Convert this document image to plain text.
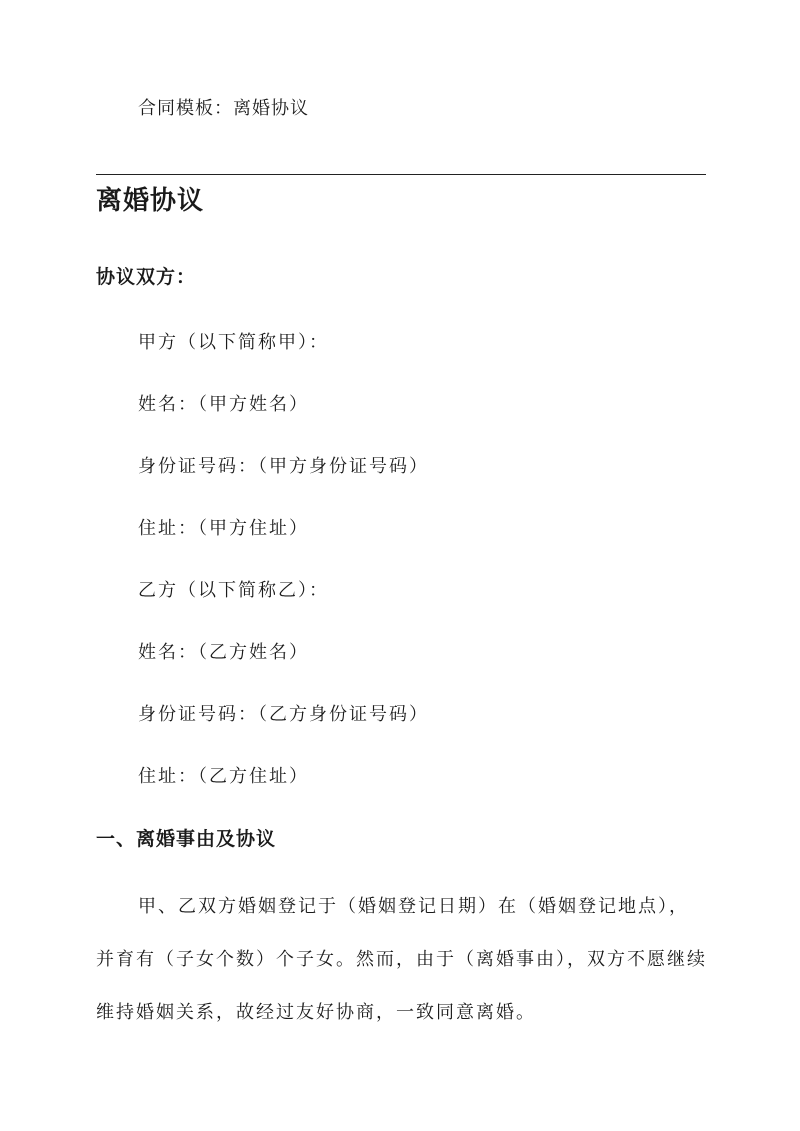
合同模板：离婚协议
离婚协议
协议双方：
甲方（以下简称甲）：
姓名：（甲方姓名）
身份证号码：（甲方身份证号码）
住址：（甲方住址）
乙方（以下简称乙）：
姓名：（乙方姓名）
身份证号码：（乙方身份证号码）
住址：（乙方住址）
一、离婚事由及协议

甲、乙双方婚姻登记于（婚姻登记日期）在（婚姻登记地点），并育有（子女个数）个子女。然而，由于（离婚事由），双方不愿继续维持婚姻关系，故经过友好协商，一致同意离婚。
